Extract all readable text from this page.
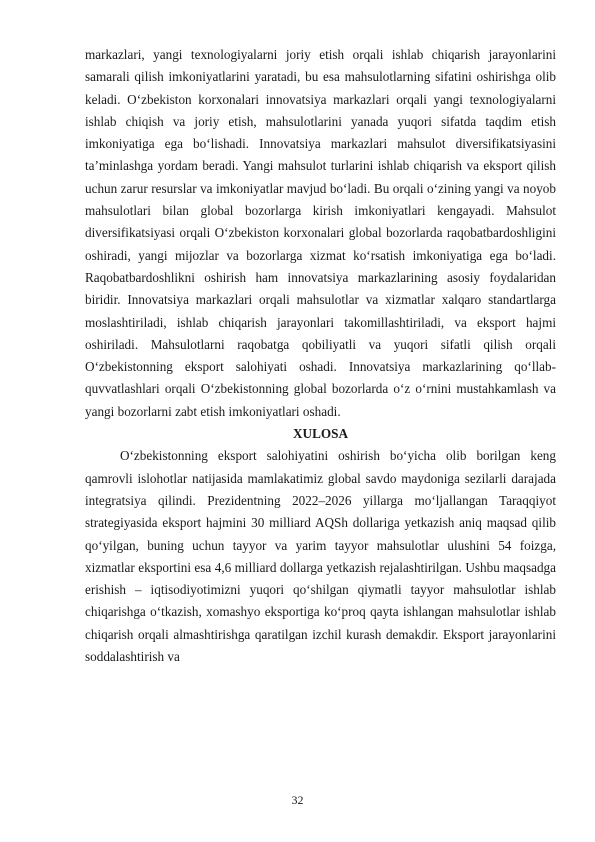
markazlari, yangi texnologiyalarni joriy etish orqali ishlab chiqarish jarayonlarini samarali qilish imkoniyatlarini yaratadi, bu esa mahsulotlarning sifatini oshirishga olib keladi. O‘zbekiston korxonalari innovatsiya markazlari orqali yangi texnologiyalarni ishlab chiqish va joriy etish, mahsulotlarini yanada yuqori sifatda taqdim etish imkoniyatiga ega bo‘lishadi. Innovatsiya markazlari mahsulot diversifikatsiyasini ta’minlashga yordam beradi. Yangi mahsulot turlarini ishlab chiqarish va eksport qilish uchun zarur resurslar va imkoniyatlar mavjud bo‘ladi. Bu orqali o‘zining yangi va noyob mahsulotlari bilan global bozorlarga kirish imkoniyatlari kengayadi. Mahsulot diversifikatsiyasi orqali O‘zbekiston korxonalari global bozorlarda raqobatbardoshligini oshiradi, yangi mijozlar va bozorlarga xizmat ko‘rsatish imkoniyatiga ega bo‘ladi. Raqobatbardoshlikni oshirish ham innovatsiya markazlarining asosiy foydalaridan biridir. Innovatsiya markazlari orqali mahsulotlar va xizmatlar xalqaro standartlarga moslashtiriladi, ishlab chiqarish jarayonlari takomillashtiriladi, va eksport hajmi oshiriladi. Mahsulotlarni raqobatga qobiliyatli va yuqori sifatli qilish orqali O‘zbekistonning eksport salohiyati oshadi. Innovatsiya markazlarining qo‘llab-quvvatlashlari orqali O‘zbekistonning global bozorlarda o‘z o‘rnini mustahkamlash va yangi bozorlarni zabt etish imkoniyatlari oshadi.

XULOSA

O‘zbekistonning eksport salohiyatini oshirish bo‘yicha olib borilgan keng qamrovli islohotlar natijasida mamlakatimiz global savdo maydoniga sezilarli darajada integratsiya qilindi. Prezidentning 2022–2026 yillarga mo‘ljallangan Taraqqiyot strategiyasida eksport hajmini 30 milliard AQSh dollariga yetkazish aniq maqsad qilib qo‘yilgan, buning uchun tayyor va yarim tayyor mahsulotlar ulushini 54 foizga, xizmatlar eksportini esa 4,6 milliard dollarga yetkazish rejalashtirilgan. Ushbu maqsadga erishish – iqtisodiyotimizni yuqori qo‘shilgan qiymatli tayyor mahsulotlar ishlab chiqarishga o‘tkazish, xomashyo eksportiga ko‘proq qayta ishlangan mahsulotlar ishlab chiqarish orqali almashtirishga qaratilgan izchil kurash demakdir. Eksport jarayonlarini soddalashtirish va

32
